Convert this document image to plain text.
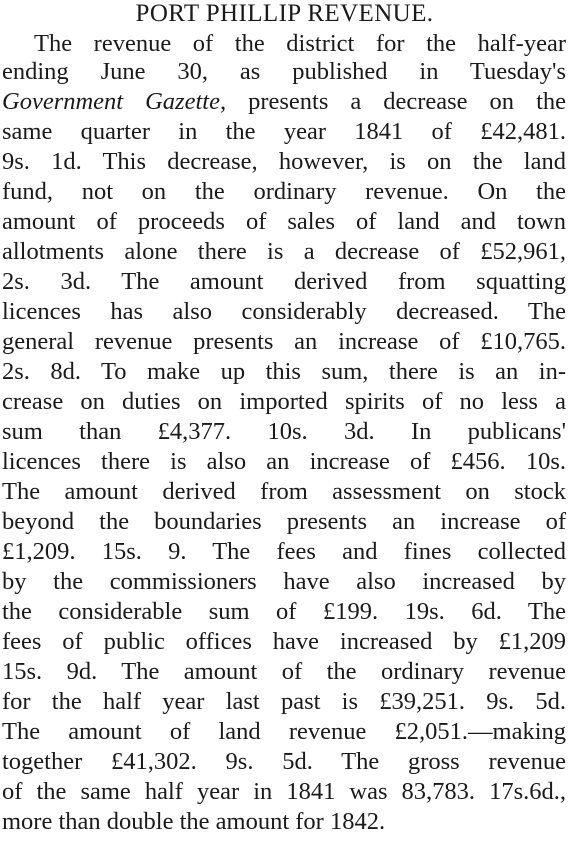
PORT PHILLIP REVENUE.
The revenue of the district for the half-year
ending June 30, as published in Tuesday's
Government Gazette, presents a decrease on the
same quarter in the year 1841 of £42,481.
9s. 1d. This decrease, however, is on the land
fund, not on the ordinary revenue. On the
amount of proceeds of sales of land and town
allotments alone there is a decrease of £52,961,
2s. 3d. The amount derived from squatting
licences has also considerably decreased. The
general revenue presents an increase of £10,765.
2s. 8d. To make up this sum, there is an in-
crease on duties on imported spirits of no less a
sum than £4,377. 10s. 3d. In publicans'
licences there is also an increase of £456. 10s.
The amount derived from assessment on stock
beyond the boundaries presents an increase of
£1,209. 15s. 9. The fees and fines collected
by the commissioners have also increased by
the considerable sum of £199. 19s. 6d. The
fees of public offices have increased by £1,209
15s. 9d. The amount of the ordinary revenue
for the half year last past is £39,251. 9s. 5d.
The amount of land revenue £2,051.—making
together £41,302. 9s. 5d. The gross revenue
of the same half year in 1841 was 83,783. 17s.6d.,
more than double the amount for 1842.
